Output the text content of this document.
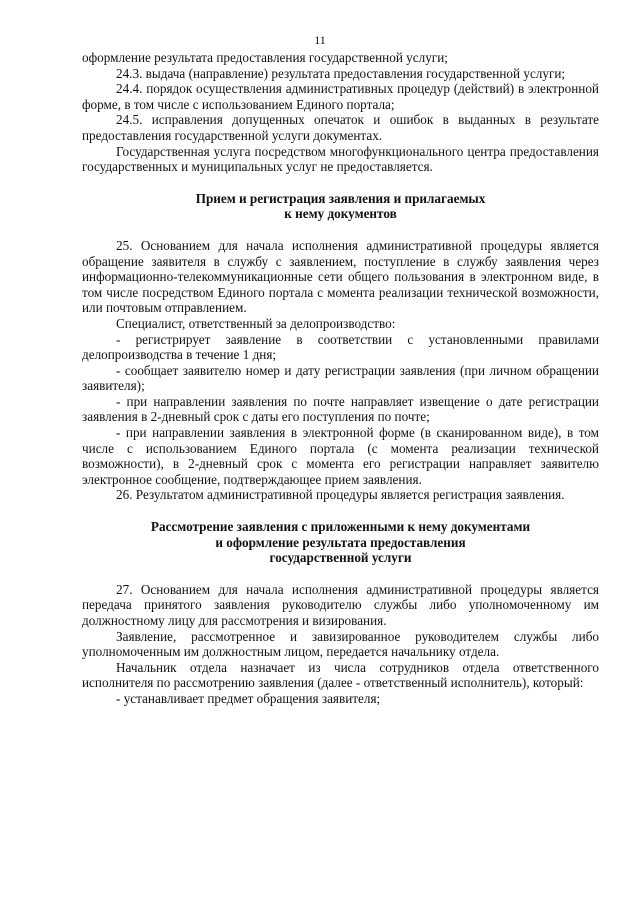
11

оформление результата предоставления государственной услуги;

24.3. выдача (направление) результата предоставления государственной услуги;

24.4. порядок осуществления административных процедур (действий) в электронной форме, в том числе с использованием Единого портала;

24.5. исправления допущенных опечаток и ошибок в выданных в результате предоставления государственной услуги документах.

Государственная услуга посредством многофункционального центра предоставления государственных и муниципальных услуг не предоставляется.

Прием и регистрация заявления и прилагаемых
к нему документов

25. Основанием для начала исполнения административной процедуры является обращение заявителя в службу с заявлением, поступление в службу заявления через информационно-телекоммуникационные сети общего пользования в электронном виде, в том числе посредством Единого портала с момента реализации технической возможности, или почтовым отправлением.

Специалист, ответственный за делопроизводство:

- регистрирует заявление в соответствии с установленными правилами делопроизводства в течение 1 дня;

- сообщает заявителю номер и дату регистрации заявления (при личном обращении заявителя);

- при направлении заявления по почте направляет извещение о дате регистрации заявления в 2-дневный срок с даты его поступления по почте;

- при направлении заявления в электронной форме (в сканированном виде), в том числе с использованием Единого портала (с момента реализации технической возможности), в 2-дневный срок с момента его регистрации направляет заявителю электронное сообщение, подтверждающее прием заявления.

26. Результатом административной процедуры является регистрация заявления.

Рассмотрение заявления с приложенными к нему документами
и оформление результата предоставления
государственной услуги

27. Основанием для начала исполнения административной процедуры является передача принятого заявления руководителю службы либо уполномоченному им должностному лицу для рассмотрения и визирования.

Заявление, рассмотренное и завизированное руководителем службы либо уполномоченным им должностным лицом, передается начальнику отдела.

Начальник отдела назначает из числа сотрудников отдела ответственного исполнителя по рассмотрению заявления (далее - ответственный исполнитель), который:

- устанавливает предмет обращения заявителя;
